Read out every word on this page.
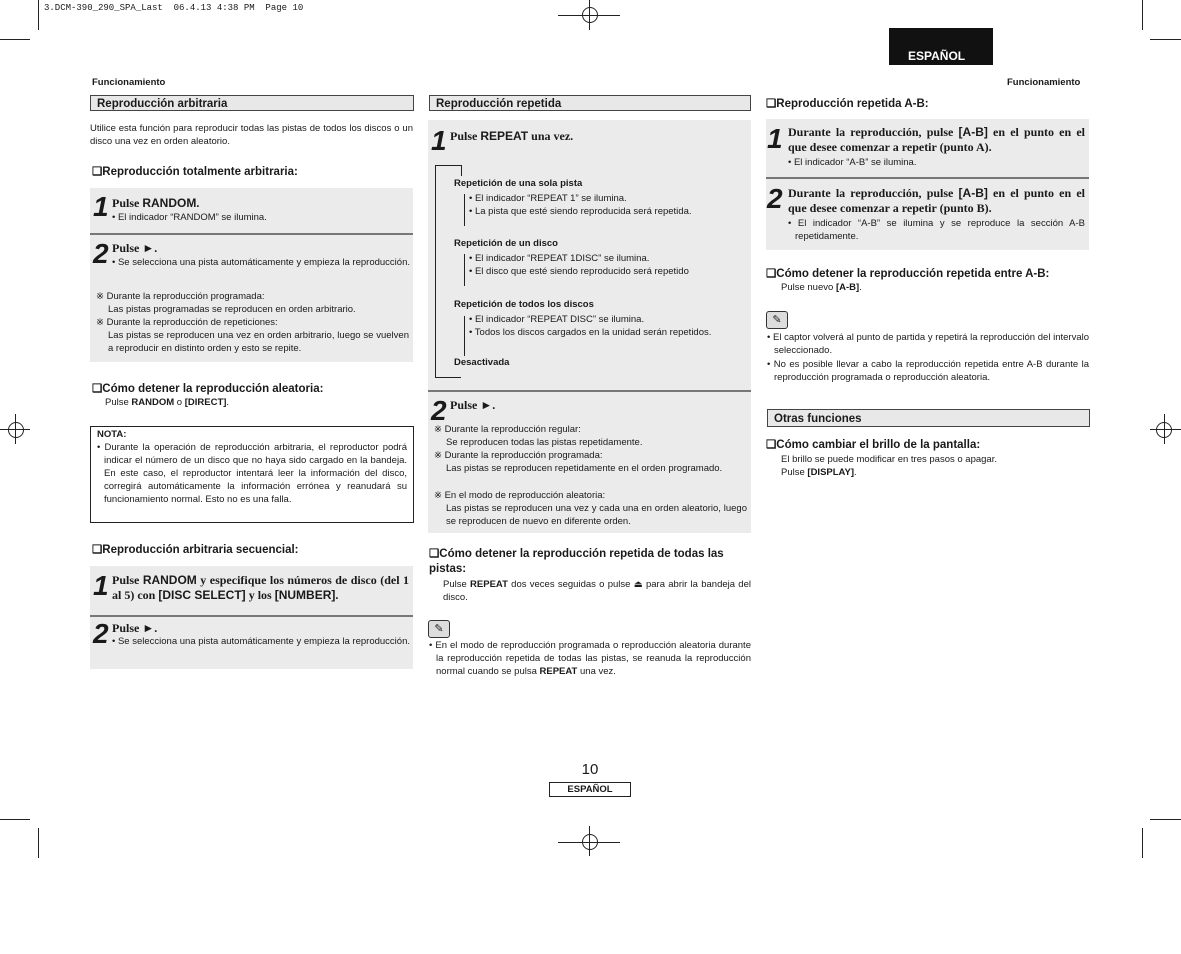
3.DCM-390_290_SPA_Last  06.4.13 4:38 PM  Page 10
ESPAÑOL
Funcionamiento	Funcionamiento
Reproducción arbitraria
Utilice esta función para reproducir todas las pistas de todos los discos o un disco una vez en orden aleatorio.
❑Reproducción totalmente arbitraria:
1 Pulse RANDOM.
• El indicador “RANDOM” se ilumina.
2 Pulse ►.
• Se selecciona una pista automáticamente y empieza la reproducción.
※ Durante la reproducción programada:
Las pistas programadas se reproducen en orden arbitrario.
※ Durante la reproducción de repeticiones:
Las pistas se reproducen una vez en orden arbitrario, luego se vuelven a reproducir en distinto orden y esto se repite.
❑Cómo detener la reproducción aleatoria:
Pulse RANDOM o [DIRECT].
NOTA:
• Durante la operación de reproducción arbitraria, el reproductor podrá indicar el número de un disco que no haya sido cargado en la bandeja. En este caso, el reproductor intentará leer la información del disco, corregirá automáticamente la información errónea y reanudará su funcionamiento normal. Esto no es una falla.
❑Reproducción arbitraria secuencial:
1 Pulse RANDOM y especifique los números de disco (del 1 al 5) con [DISC SELECT] y los [NUMBER].
2 Pulse ►.
• Se selecciona una pista automáticamente y empieza la reproducción.
Reproducción repetida
1 Pulse REPEAT una vez.
Repetición de una sola pista
• El indicador “REPEAT 1” se ilumina.
• La pista que esté siendo reproducida será repetida.
Repetición de un disco
• El indicador “REPEAT 1DISC” se ilumina.
• El disco que esté siendo reproducido será repetido
Repetición de todos los discos
• El indicador “REPEAT DISC” se ilumina.
• Todos los discos cargados en la unidad serán repetidos.
Desactivada
2 Pulse ►.
※ Durante la reproducción regular:
Se reproducen todas las pistas repetidamente.
※ Durante la reproducción programada:
Las pistas se reproducen repetidamente en el orden programado.
※ En el modo de reproducción aleatoria:
Las pistas se reproducen una vez y cada una en orden aleatorio, luego se reproducen de nuevo en diferente orden.
❑Cómo detener la reproducción repetida de todas las pistas:
Pulse REPEAT dos veces seguidas o pulse ⏏ para abrir la bandeja del disco.
✎
• En el modo de reproducción programada o reproducción aleatoria durante la reproducción repetida de todas las pistas, se reanuda la reproducción normal cuando se pulsa REPEAT una vez.
❑Reproducción repetida A-B:
1 Durante la reproducción, pulse [A-B] en el punto en el que desee comenzar a repetir (punto A).
• El indicador “A-B” se ilumina.
2 Durante la reproducción, pulse [A-B] en el punto en el que desee comenzar a repetir (punto B).
• El indicador “A-B” se ilumina y se reproduce la sección A-B repetidamente.
❑Cómo detener la reproducción repetida entre A-B:
Pulse nuevo [A-B].
✎
• El captor volverá al punto de partida y repetirá la reproducción del intervalo seleccionado.
• No es posible llevar a cabo la reproducción repetida entre A-B durante la reproducción programada o reproducción aleatoria.
Otras funciones
❑Cómo cambiar el brillo de la pantalla:
El brillo se puede modificar en tres pasos o apagar.
Pulse [DISPLAY].
10
ESPAÑOL
